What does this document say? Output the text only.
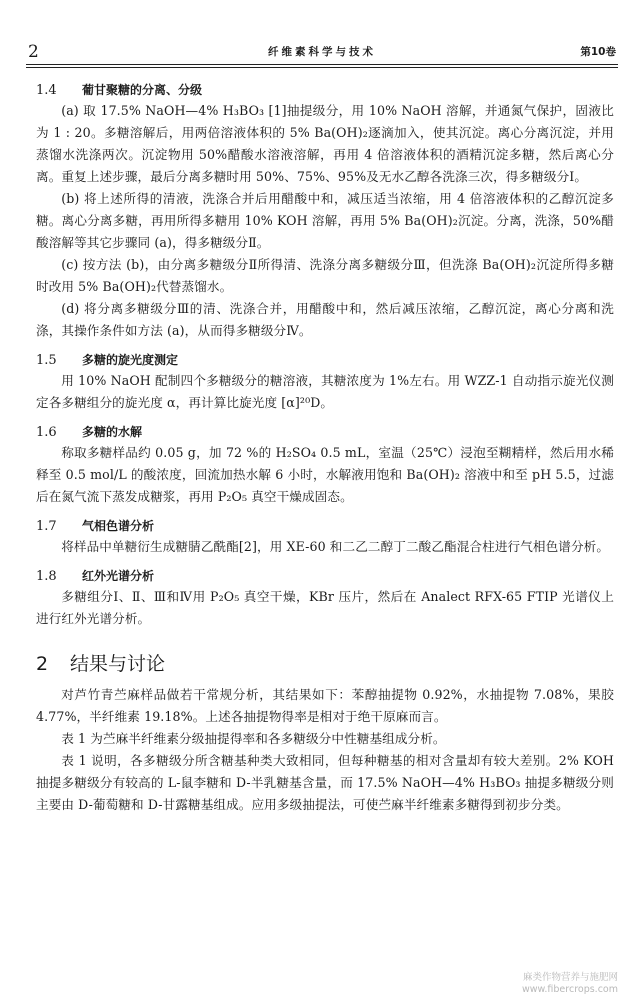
2	纤维素科学与技术	第10卷
1.4 葡甘聚糖的分离、分级
(a) 取 17.5% NaOH—4% H₃BO₃ [1]抽提级分，用 10% NaOH 溶解，并通氮气保护，固液比为 1 : 20。多糖溶解后，用两倍溶液体积的 5% Ba(OH)₂逐滴加入，使其沉淀。离心分离沉淀，并用蒸馏水洗涤两次。沉淀物用 50%醋酸水溶液溶解，再用 4 倍溶液体积的酒精沉淀多糖，然后离心分离。重复上述步骤，最后分离多糖时用 50%、75%、95%及无水乙醇各洗涤三次，得多糖级分Ⅰ。
(b) 将上述所得的清液，洗涤合并后用醋酸中和，减压适当浓缩，用 4 倍溶液体积的乙醇沉淀多糖。离心分离多糖，再用所得多糖用 10% KOH 溶解，再用 5% Ba(OH)₂沉淀。分离，洗涤，50%醋酸溶解等其它步骤同 (a)，得多糖级分Ⅱ。
(c) 按方法 (b)，由分离多糖级分Ⅱ所得清、洗涤分离多糖级分Ⅲ，但洗涤 Ba(OH)₂沉淀所得多糖时改用 5% Ba(OH)₂代替蒸馏水。
(d) 将分离多糖级分Ⅲ的清、洗涤合并，用醋酸中和，然后减压浓缩，乙醇沉淀，离心分离和洗涤，其操作条件如方法 (a)，从而得多糖级分Ⅳ。
1.5 多糖的旋光度测定
用 10% NaOH 配制四个多糖级分的糖溶液，其糖浓度为 1%左右。用 WZZ-1 自动指示旋光仪测定各多糖组分的旋光度 α，再计算比旋光度 [α]²⁰D。
1.6 多糖的水解
称取多糖样品约 0.05 g，加 72 %的 H₂SO₄ 0.5 mL，室温（25℃）浸泡至糊精样，然后用水稀释至 0.5 mol/L 的酸浓度，回流加热水解 6 小时，水解液用饱和 Ba(OH)₂ 溶液中和至 pH 5.5，过滤后在氮气流下蒸发成糖浆，再用 P₂O₅ 真空干燥成固态。
1.7 气相色谱分析
将样品中单糖衍生成糖腈乙酰酯[2]，用 XE-60 和二乙二醇丁二酸乙酯混合柱进行气相色谱分析。
1.8 红外光谱分析
多糖组分Ⅰ、Ⅱ、Ⅲ和Ⅳ用 P₂O₅ 真空干燥，KBr 压片，然后在 Analect RFX-65 FTIP 光谱仪上进行红外光谱分析。
2 结果与讨论
对芦竹青苎麻样品做若干常规分析，其结果如下：苯醇抽提物 0.92%，水抽提物 7.08%，果胶 4.77%，半纤维素 19.18%。上述各抽提物得率是相对于绝干原麻而言。
表 1 为苎麻半纤维素分级抽提得率和各多糖级分中性糖基组成分析。
表 1 说明，各多糖级分所含糖基种类大致相同，但每种糖基的相对含量却有较大差别。2% KOH 抽提多糖级分有较高的 L-鼠李糖和 D-半乳糖基含量，而 17.5% NaOH—4% H₃BO₃ 抽提多糖级分则主要由 D-葡萄糖和 D-甘露糖基组成。应用多级抽提法，可使苎麻半纤维素多糖得到初步分类。
麻类作物营养与施肥网
www.fibercrops.com
